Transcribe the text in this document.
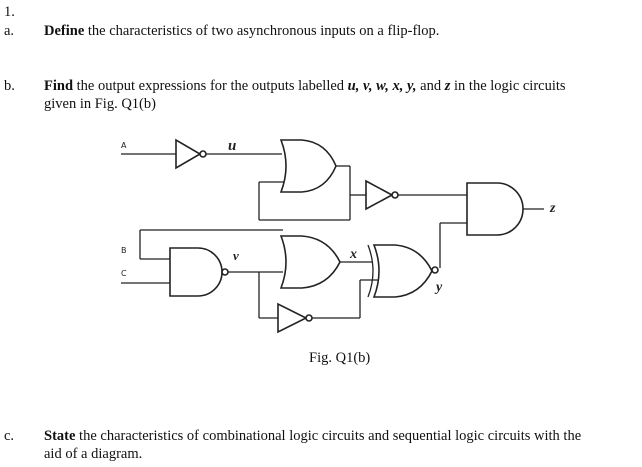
1.
a. Define the characteristics of two asynchronous inputs on a flip-flop.
b. Find the output expressions for the outputs labelled u, v, w, x, y, and z in the logic circuits
given in Fig. Q1(b)
A
B
C
u
v	x
y
z
Fig. Q1(b)
c. State the characteristics of combinational logic circuits and sequential logic circuits with the
aid of a diagram.
